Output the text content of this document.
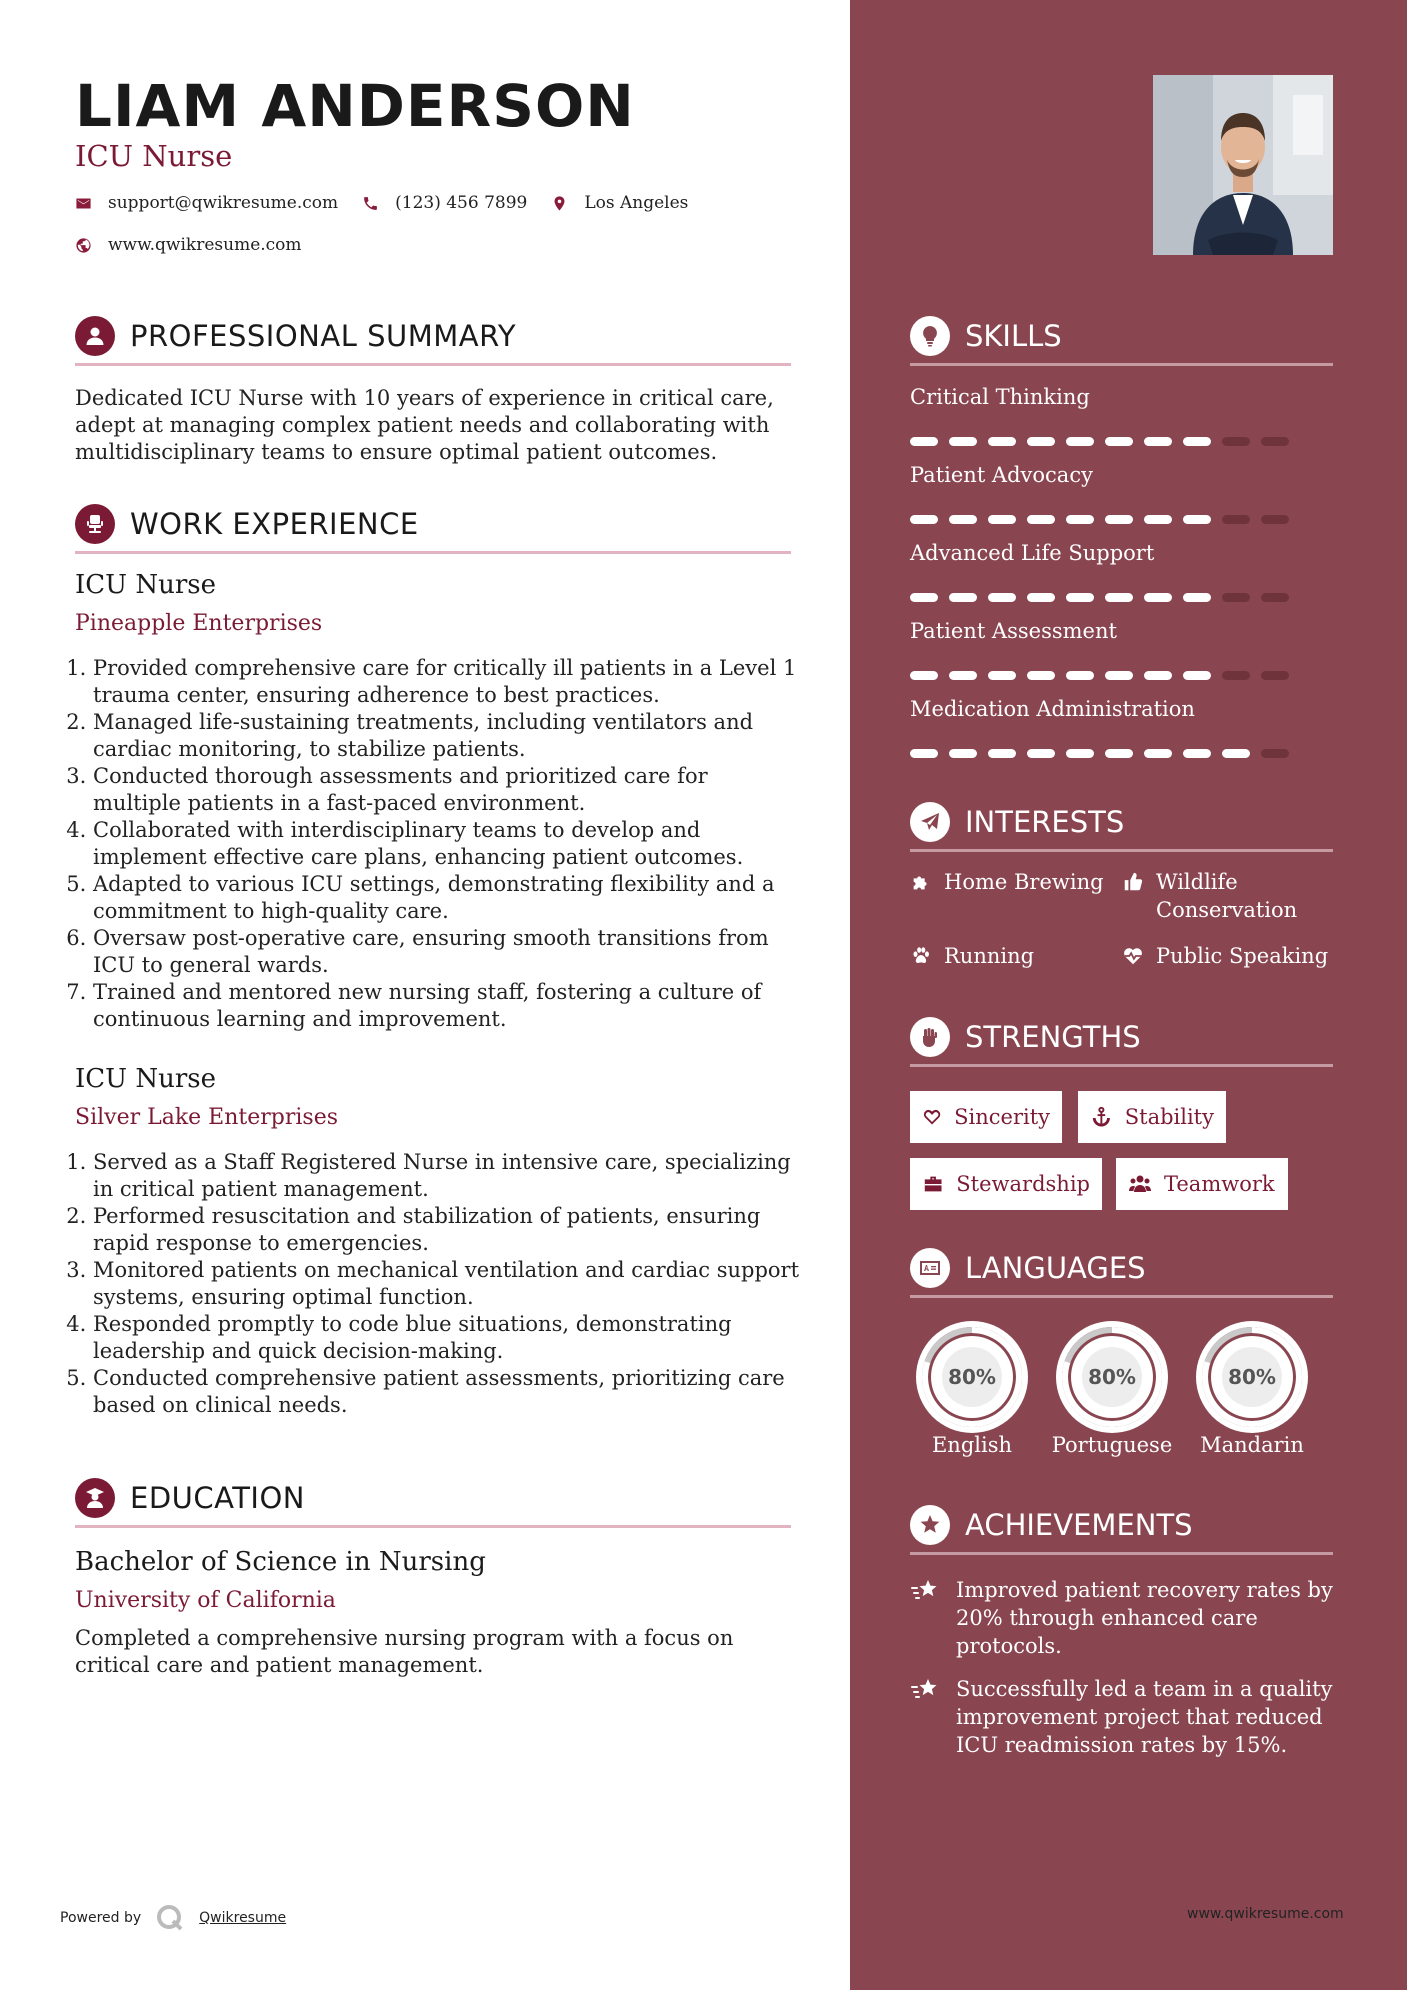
LIAM ANDERSON
ICU Nurse
support@qwikresume.com	(123) 456 7899	Los Angeles
www.qwikresume.com
PROFESSIONAL SUMMARY
Dedicated ICU Nurse with 10 years of experience in critical care, adept at managing complex patient needs and collaborating with multidisciplinary teams to ensure optimal patient outcomes.
WORK EXPERIENCE
ICU Nurse
Pineapple Enterprises
1. Provided comprehensive care for critically ill patients in a Level 1 trauma center, ensuring adherence to best practices.
2. Managed life-sustaining treatments, including ventilators and cardiac monitoring, to stabilize patients.
3. Conducted thorough assessments and prioritized care for multiple patients in a fast-paced environment.
4. Collaborated with interdisciplinary teams to develop and implement effective care plans, enhancing patient outcomes.
5. Adapted to various ICU settings, demonstrating flexibility and a commitment to high-quality care.
6. Oversaw post-operative care, ensuring smooth transitions from ICU to general wards.
7. Trained and mentored new nursing staff, fostering a culture of continuous learning and improvement.
ICU Nurse
Silver Lake Enterprises
1. Served as a Staff Registered Nurse in intensive care, specializing in critical patient management.
2. Performed resuscitation and stabilization of patients, ensuring rapid response to emergencies.
3. Monitored patients on mechanical ventilation and cardiac support systems, ensuring optimal function.
4. Responded promptly to code blue situations, demonstrating leadership and quick decision-making.
5. Conducted comprehensive patient assessments, prioritizing care based on clinical needs.
EDUCATION
Bachelor of Science in Nursing
University of California
Completed a comprehensive nursing program with a focus on critical care and patient management.
Powered by	Qwikresume
SKILLS
Critical Thinking
Patient Advocacy
Advanced Life Support
Patient Assessment
Medication Administration
INTERESTS
Home Brewing Wildlife Conservation
Running	Public Speaking
STRENGTHS
Sincerity	Stability
Stewardship	Teamwork
LANGUAGES
80%
English
80%
Portuguese
80%
Mandarin
ACHIEVEMENTS
Improved patient recovery rates by 20% through enhanced care protocols.
Successfully led a team in a quality improvement project that reduced ICU readmission rates by 15%.
www.qwikresume.com
